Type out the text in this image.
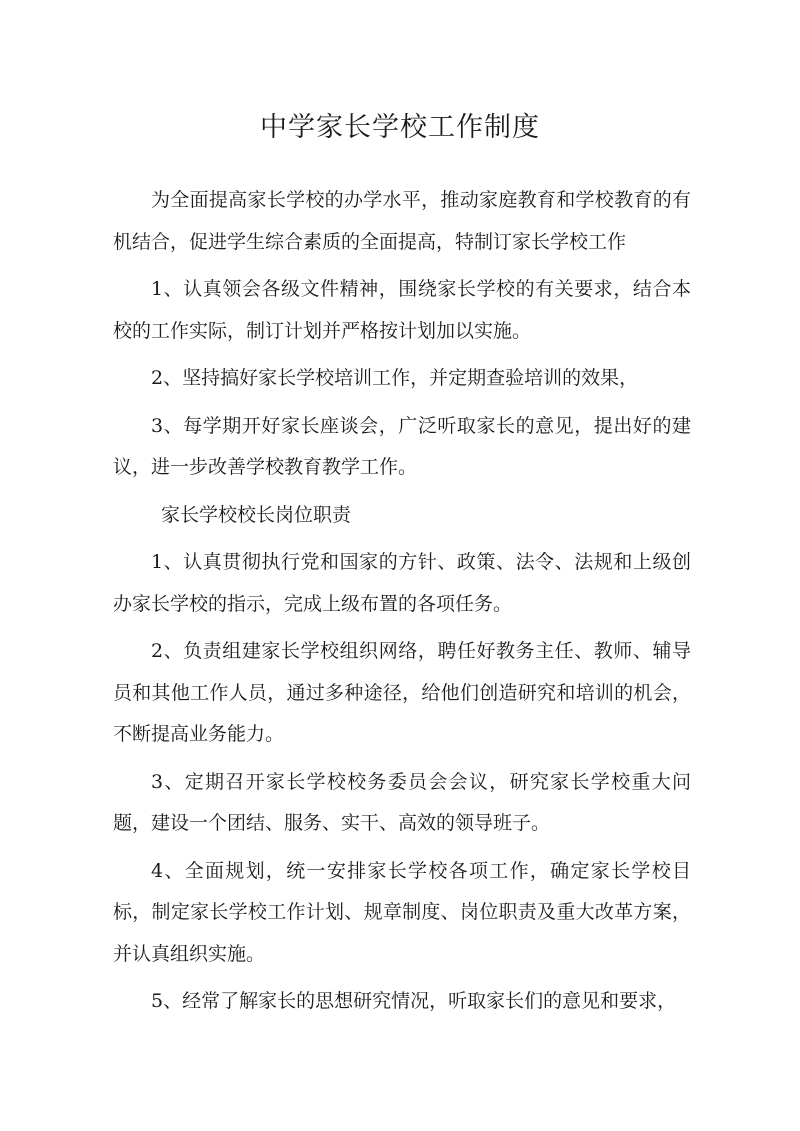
中学家长学校工作制度

为全面提高家长学校的办学水平，推动家庭教育和学校教育的有机结合，促进学生综合素质的全面提高，特制订家长学校工作

1、认真领会各级文件精神，围绕家长学校的有关要求，结合本校的工作实际，制订计划并严格按计划加以实施。

2、坚持搞好家长学校培训工作，并定期查验培训的效果，

3、每学期开好家长座谈会，广泛听取家长的意见，提出好的建议，进一步改善学校教育教学工作。

家长学校校长岗位职责

1、认真贯彻执行党和国家的方针、政策、法令、法规和上级创办家长学校的指示，完成上级布置的各项任务。

2、负责组建家长学校组织网络，聘任好教务主任、教师、辅导员和其他工作人员，通过多种途径，给他们创造研究和培训的机会，不断提高业务能力。

3、定期召开家长学校校务委员会会议，研究家长学校重大问题，建设一个团结、服务、实干、高效的领导班子。

4、全面规划，统一安排家长学校各项工作，确定家长学校目标，制定家长学校工作计划、规章制度、岗位职责及重大改革方案，并认真组织实施。

5、经常了解家长的思想研究情况，听取家长们的意见和要求，
